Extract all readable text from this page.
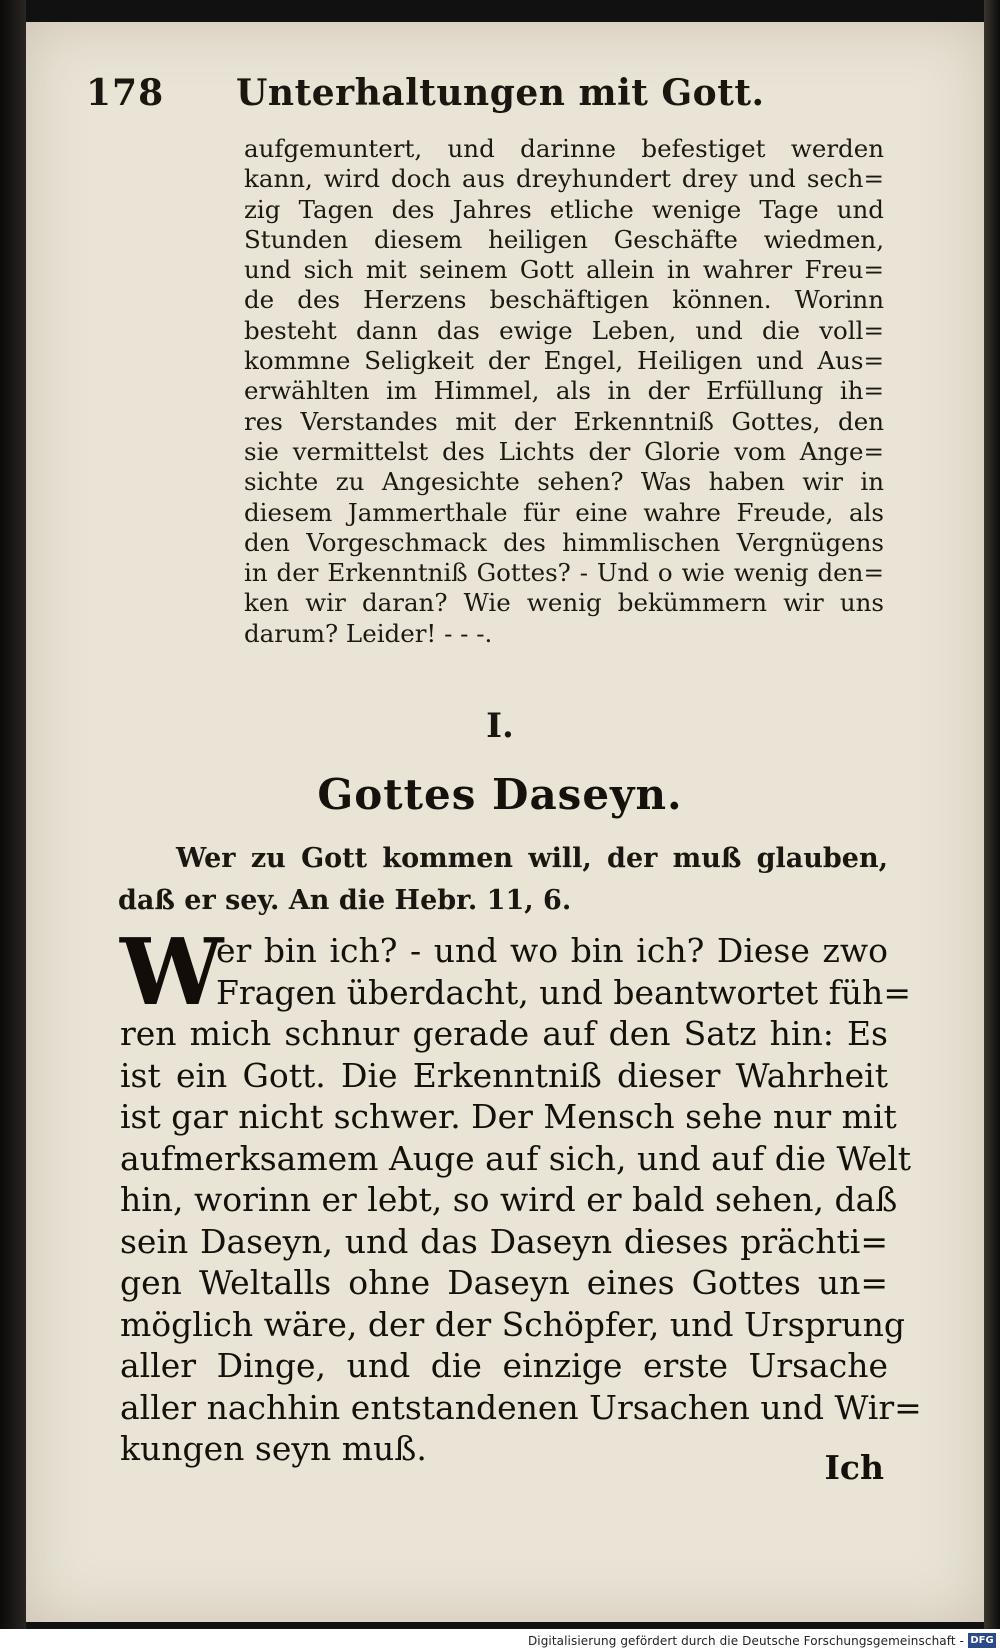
178 Unterhaltungen mit Gott.

aufgemuntert, und darinne befestiget werden
kann, wird doch aus dreyhundert drey und sech=
zig Tagen des Jahres etliche wenige Tage und
Stunden diesem heiligen Geschäfte wiedmen,
und sich mit seinem Gott allein in wahrer Freu=
de des Herzens beschäftigen können. Worinn
besteht dann das ewige Leben, und die voll=
kommne Seligkeit der Engel, Heiligen und Aus=
erwählten im Himmel, als in der Erfüllung ih=
res Verstandes mit der Erkenntniß Gottes, den
sie vermittelst des Lichts der Glorie vom Ange=
sichte zu Angesichte sehen? Was haben wir in
diesem Jammerthale für eine wahre Freude, als
den Vorgeschmack des himmlischen Vergnügens
in der Erkenntniß Gottes? - Und o wie wenig den=
ken wir daran? Wie wenig bekümmern wir uns
darum? Leider! - - -.

I.
Gottes Daseyn.
Wer zu Gott kommen will, der muß glauben,
daß er sey. An die Hebr. 11, 6.
W
er bin ich? - und wo bin ich? Diese zwo
Fragen überdacht, und beantwortet füh=
ren mich schnur gerade auf den Satz hin: Es
ist ein Gott. Die Erkenntniß dieser Wahrheit
ist gar nicht schwer. Der Mensch sehe nur mit
aufmerksamem Auge auf sich, und auf die Welt
hin, worinn er lebt, so wird er bald sehen, daß
sein Daseyn, und das Daseyn dieses prächti=
gen Weltalls ohne Daseyn eines Gottes un=
möglich wäre, der der Schöpfer, und Ursprung
aller Dinge, und die einzige erste Ursache
aller nachhin entstandenen Ursachen und Wir=
kungen seyn muß.	Ich
Digitalisierung gefördert durch die Deutsche Forschungsgemeinschaft - DFG
